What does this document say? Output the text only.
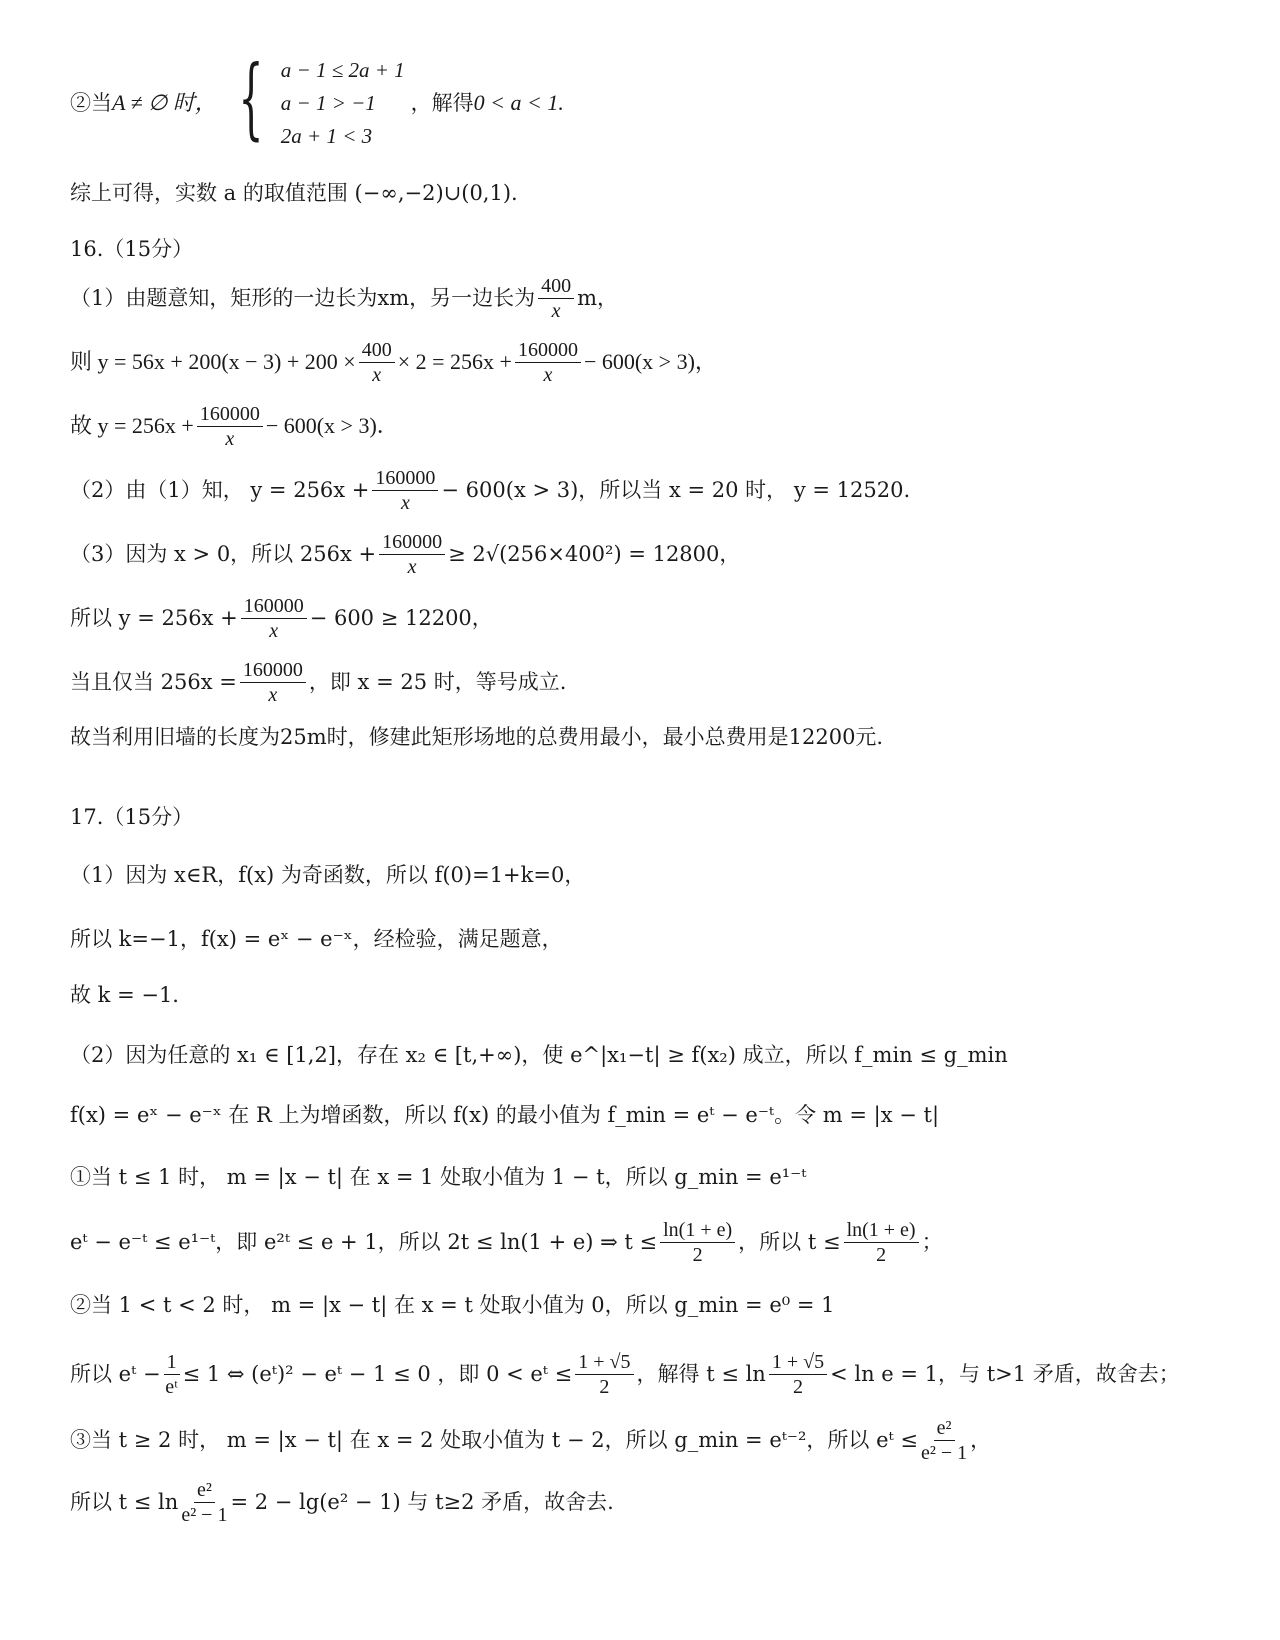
②当 A ≠ ∅ 时， { a − 1 ≤ 2a + 1
a − 1 > −1
2a + 1 < 3
，解得 0 < a < 1.
综上可得，实数 a 的取值范围 (−∞,−2)∪(0,1).
16.（15分）
（1）由题意知，矩形的一边长为xm，另一边长为 $\frac{400}{x}$ m，
则 $y = 56x + 200(x - 3) + 200 \times \frac{400}{x} \times 2 = 256x + \frac{160000}{x} - 600(x > 3)$，
故 $y = 256x + \frac{160000}{x} - 600(x > 3)$．
（2）由（1）知， $y = 256x + \frac{160000}{x} - 600(x > 3)$，所以当 x = 20 时， y = 12520.
（3）因为 x > 0，所以 $256x + \frac{160000}{x} \ge 2√(256\times 400^2) = 12800$，
所以 $y = 256x + \frac{160000}{x} - 600 \ge 12200$，
当且仅当 $256x = \frac{160000}{x}$ ，即 x = 25 时，等号成立.
故当利用旧墙的长度为25m时，修建此矩形场地的总费用最小，最小总费用是12200元.
17.（15分）
（1）因为 x∈R，f(x) 为奇函数，所以 f(0)=1+k=0，
所以 k=−1，f(x) = eˣ − e⁻ˣ，经检验，满足题意，
故 k = −1.
（2）因为任意的 x₁ ∈ [1,2]，存在 x₂ ∈ [t,+∞)，使 e^|x₁−t| ≥ f(x₂) 成立，所以 f_min ≤ g_min
f(x) = eˣ − e⁻ˣ 在 R 上为增函数，所以 f(x) 的最小值为 f_min = eᵗ − e⁻ᵗ。令 m = |x − t|
①当 t ≤ 1 时， m = |x − t| 在 x = 1 处取小值为 1 − t，所以 g_min = e¹⁻ᵗ
eᵗ − e⁻ᵗ ≤ e¹⁻ᵗ，即 e²ᵗ ≤ e + 1，所以 2t ≤ ln(1 + e) ⇒ $t \le \frac{\ln(1 + e)}{2}$ ，所以 $t \le \frac{\ln(1 + e)}{2}$ ；
②当 1 < t < 2 时， m = |x − t| 在 x = t 处取小值为 0，所以 g_min = e⁰ = 1
所以 eᵗ − $\frac{1}{\text{eᵗ}} \le 1$ ⇔ (eᵗ)² − eᵗ − 1 ≤ 0 ，即 0 < eᵗ ≤ $\frac{1 + √5}{2}$ ，解得 $t \le \ln \frac{1 + √5}{2} < \ln e = 1$，与 t>1 矛盾，故舍去；
③当 t ≥ 2 时， m = |x − t| 在 x = 2 处取小值为 t − 2，所以 g_min = eᵗ⁻²，所以 eᵗ ≤ $\frac{\text{e²}}{\text{e² − 1}}$ ，
所以 $t \le \ln \frac{\text{e²}}{\text{e² − 1}} = 2 - \lg(e^2 - 1)$ 与 t≥2 矛盾，故舍去.
